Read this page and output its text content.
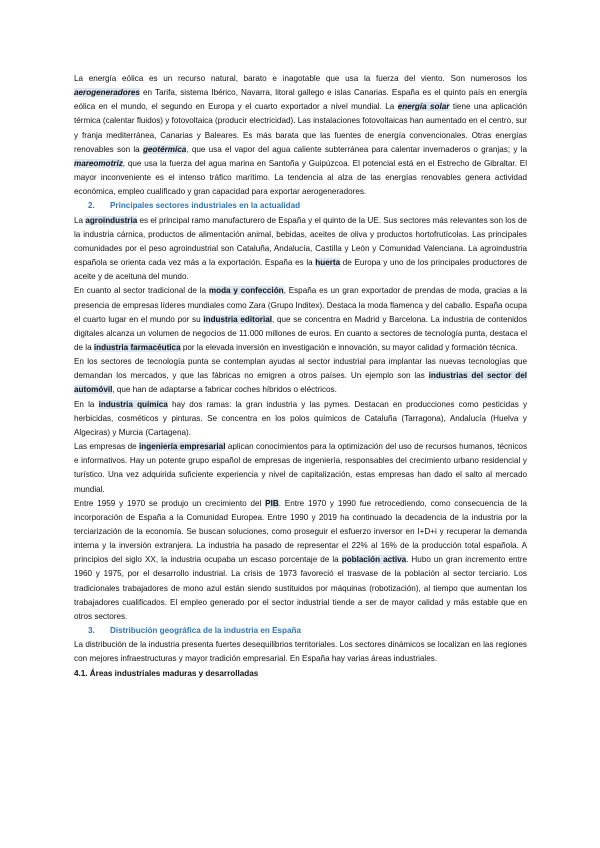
La energía eólica es un recurso natural, barato e inagotable que usa la fuerza del viento. Son numerosos los aerogeneradores en Tarifa, sistema Ibérico, Navarra, litoral gallego e islas Canarias. España es el quinto país en energía eólica en el mundo, el segundo en Europa y el cuarto exportador a nivel mundial. La energía solar tiene una aplicación térmica (calentar fluidos) y fotovoltaica (producir electricidad). Las instalaciones fotovoltaicas han aumentado en el centro, sur y franja mediterránea, Canarias y Baleares. Es más barata que las fuentes de energía convencionales. Otras energías renovables son la geotérmica, que usa el vapor del agua caliente subterránea para calentar invernaderos o granjas; y la mareomotriz, que usa la fuerza del agua marina en Santoña y Guipúzcoa. El potencial está en el Estrecho de Gibraltar. El mayor inconveniente es el intenso tráfico marítimo. La tendencia al alza de las energías renovables genera actividad económica, empleo cualificado y gran capacidad para exportar aerogeneradores.

2. Principales sectores industriales en la actualidad

La agroindustria es el principal ramo manufacturero de España y el quinto de la UE. Sus sectores más relevantes son los de la industria cárnica, productos de alimentación animal, bebidas, aceites de oliva y productos hortofrutícolas. Las principales comunidades por el peso agroindustrial son Cataluña, Andalucía, Castilla y León y Comunidad Valenciana. La agroindustria española se orienta cada vez más a la exportación. España es la huerta de Europa y uno de los principales productores de aceite y de aceituna del mundo.

En cuanto al sector tradicional de la moda y confección, España es un gran exportador de prendas de moda, gracias a la presencia de empresas líderes mundiales como Zara (Grupo Inditex). Destaca la moda flamenca y del caballo. España ocupa el cuarto lugar en el mundo por su industria editorial, que se concentra en Madrid y Barcelona. La industria de contenidos digitales alcanza un volumen de negocios de 11.000 millones de euros. En cuanto a sectores de tecnología punta, destaca el de la industria farmacéutica por la elevada inversión en investigación e innovación, su mayor calidad y formación técnica.

En los sectores de tecnología punta se contemplan ayudas al sector industrial para implantar las nuevas tecnologías que demandan los mercados, y que las fábricas no emigren a otros países. Un ejemplo son las industrias del sector del automóvil, que han de adaptarse a fabricar coches híbridos o eléctricos.

En la industria química hay dos ramas: la gran industria y las pymes. Destacan en producciones como pesticidas y herbicidas, cosméticos y pinturas. Se concentra en los polos químicos de Cataluña (Tarragona), Andalucía (Huelva y Algeciras) y Murcia (Cartagena).

Las empresas de ingeniería empresarial aplican conocimientos para la optimización del uso de recursos humanos, técnicos e informativos. Hay un potente grupo español de empresas de ingeniería, responsables del crecimiento urbano residencial y turístico. Una vez adquirida suficiente experiencia y nivel de capitalización, estas empresas han dado el salto al mercado mundial.

Entre 1959 y 1970 se produjo un crecimiento del PIB. Entre 1970 y 1990 fue retrocediendo, como consecuencia de la incorporación de España a la Comunidad Europea. Entre 1990 y 2019 ha continuado la decadencia de la industria por la terciarización de la economía. Se buscan soluciones, como proseguir el esfuerzo inversor en I+D+i y recuperar la demanda interna y la inversión extranjera. La industria ha pasado de representar el 22% al 16% de la producción total española. A principios del siglo XX, la industria ocupaba un escaso porcentaje de la población activa. Hubo un gran incremento entre 1960 y 1975, por el desarrollo industrial. La crisis de 1973 favoreció el trasvase de la población al sector terciario. Los tradicionales trabajadores de mono azul están siendo sustituidos por máquinas (robotización), al tiempo que aumentan los trabajadores cualificados. El empleo generado por el sector industrial tiende a ser de mayor calidad y más estable que en otros sectores.

3. Distribución geográfica de la industria en España

La distribución de la industria presenta fuertes desequilibrios territoriales. Los sectores dinámicos se localizan en las regiones con mejores infraestructuras y mayor tradición empresarial. En España hay varias áreas industriales.

4.1. Áreas industriales maduras y desarrolladas
